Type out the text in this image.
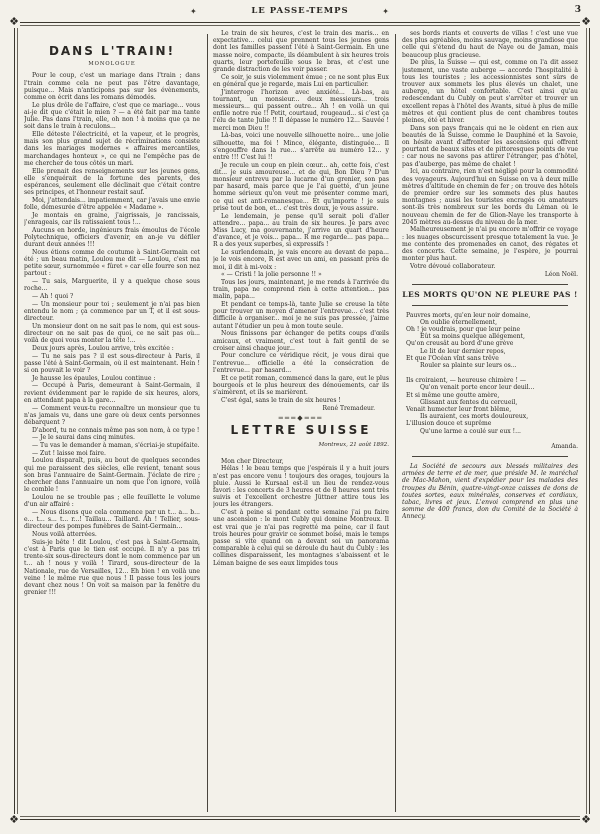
✦	LE PASSE-TEMPS	✦	3
❖	❖
❖	❖
DANS L'TRAIN!
MONOLOGUE

Pour le coup, c'est un mariage dans l'train ; dans l'train comme cela ne peut pas l'être davantage, puisque... Mais n'anticipons pas sur les évènements, comme on écrit dans les romans démodés.

Le plus drôle de l'affaire, c'est que ce mariage... vous ai-je dit que c'était le mien ? — a été fait par ma tante Julie. Pas dans l'train, elle, oh non ! à moins que ça ne soit dans le train à reculons...

Elle déteste l'électricité, et la vapeur, et le progrès, mais son plus grand sujet de récriminations consiste dans les mariages modernes « affaires mercantiles, marchandages honteux », ce qui ne l'empêche pas de me chercher de tous côtés un mari.

Elle prenait des renseignements sur les jeunes gens, elle s'enquérait de la fortune des parents, des espérances, seulement elle déclinait que c'était contre ses principes, et l'honneur restait sauf.

Moi, j'attendais... impatiemment, car j'avais une envie folle, démesurée d'être appelée « Madame ».

Je montais en graine, j'aigrissais, je rancissais, j'enrageais, car ils ratissaient tous !...

Aucuns en horde, ingénieurs frais émoulus de l'école Polytechnique, officiers d'avenir, en an-je vu défiler durant deux années !!!

Nous étions comme de coutume à Saint-Germain cet été ; un beau matin, Loulou me dit — Loulou, c'est ma petite sœur, surnommée « fûret » car elle fourre son nez partout :

— Tu sais, Marguerite, il y a quelque chose sous roche...

— Ah ! quoi ?

— Un monsieur pour toi ; seulement je n'ai pas bien entendu le nom ; ça commence par un T, et il est sous-directeur.

Un monsieur dont on ne sait pas le nom, qui est sous-directeur on ne sait pas de quoi, ce ne sait pas où... voilà de quoi vous monter la tête !...

Deux jours après, Loulou arrive, très excitée :

— Tu ne sais pas ? il est sous-directeur à Paris, il passe l'été à Saint-Germain, où il est maintenant. Hein ! si on pouvait le voir ?

Je hausse les épaules, Loulou continue :

— Occupé à Paris, demeurant à Saint-Germain, il revient évidemment par le rapide de six heures, alors, en attendant papa à la gare...

— Comment veux-tu reconnaître un monsieur que tu n'as jamais vu, dans une gare où deux cents personnes débarquent ?

D'abord, tu ne connais même pas son nom, à ce type !

— Je le saurai dans cinq minutes.

— Tu vas le demander à maman, s'écriai-je stupéfaite.

— Zut ! laisse moi faire.

Loulou disparaît, puis, au bout de quelques secondes qui me paraissent des siècles, elle revient, tenant sous son bras l'annuaire de Saint-Germain. J'éclate de rire ; chercher dans l'annuaire un nom que l'on ignore, voilà le comble !

Loulou ne se trouble pas ; elle feuillette le volume d'un air affairé :

— Nous disons que cela commence par un t... a... b... e... t... s... t... r...! Taillau... Taillard. Ah ! Tellier, sous-directeur des pompes funèbres de Saint-Germain...

Nous voilà atterrées.

Suis-je bête ! dit Loulou, c'est pas à Saint-Germain, c'est à Paris que le tien est occupé. Il n'y a pas tri trente-six sous-directeurs dont le nom commence par un t... ah ! nous y voilà ! Tirard, sous-directeur de la Nationale, rue de Versailles, 12... Eh bien ! en voilà une veine ! le même rue que nous ! Il passe tous les jours devant chez nous ! On voit sa maison par la fenêtre du grenier !!!

Le train de six heures, c'est le train des maris... en expectative... celui que prennent tous les jeunes gens dont les familles passent l'été à Saint-Germain. En une masse noire, compacte, ils déambulent à six heures trois quarts, leur portefeuille sous le bras, et c'est une grande distraction de les voir passer.

Ce soir, je suis violemment émue ; ce ne sont plus Eux en général que je regarde, mais Lui en particulier.

J'interroge l'horizon avec anxiété... Là-bas, au tournant, un monsieur... deux messieurs... trois messieurs... qui passent outre... Ah ! en voilà un qui enfile notre rue !! Petit, courtaud, rougeaud... si c'est ça l'élu de tante Julie !! Il dépasse le numéro 12... Sauvée ! merci mon Dieu !!

Là-bas, voici une nouvelle silhouette noire... une jolie silhouette, ma foi ! Mince, élégante, distinguée... Il s'engouffre dans la rue... s'arrête au numéro 12... y entre !!! C'est lui !!

Je recule un coup en plein cœur... ah, cette fois, c'est dit... je suis amoureuse... et de qui, Bon Dieu ? D'un monsieur entrevu par la lucarne d'un grenier, son pas par hasard, mais parce que je l'ai guetté, d'un jeune homme sérieux qu'on veut me présenter comme mari, ce qui est anti-romanesque... Et qu'importe ! je suis prise tout de bon, et... c'est très doux, je vous assure.

Le lendemain, je pense qu'il serait poli d'aller attendre... papa... au train de six heures. Je pars avec Miss Lucy, ma gouvernante, j'arrive un quart d'heure d'avance, et je vois... papa... R me regarde... pas papa... R a des yeux superbes, si expressifs !

Le surlendemain, je vais encore au devant de papa... je le vois encore, R est avec un ami, en passant près de moi, il dit à mi-voix :

« — Cristi ! la jolie personne !! »

Tous les jours, maintenant, je me rends à l'arrivée du train, papa ne comprend rien à cette attention... pas malin, papa...

Et pendant ce temps-là, tante Julie se creuse la tête pour trouver un moyen d'amener l'entrevue... c'est très difficile à organiser... moi je ne suis pas pressée, j'aime autant l'étudier un peu à mon toute seule.

Nous finissons par échanger de petits coups d'œils amicaux, et vraiment, c'est tout à fait gentil de se croiser ainsi chaque jour...

Pour conclure ce véridique récit, je vous dirai que l'entrevue... officielle a été la consécration de l'entrevue... par hasard...

Et ce petit roman, commencé dans la gare, eut le plus bourgeois et le plus heureux des dénouements, car ils s'aimèrent, et ils se marièrent.

C'est égal, sans le train de six heures !

René Tremadeur.
═══◆═══
LETTRE SUISSE
Montreux, 21 août 1892.

Mon cher Directeur,

Hélas ! le beau temps que j'espérais il y a huit jours n'est pas encore venu ! toujours des orages, toujours la pluie. Aussi le Kursaal est-il un lieu de rendez-vous favori : les concerts de 3 heures et de 8 heures sont très suivis et l'excellent orchestre Jüttner attire tous les jours les étrangers.

C'est à peine si pendant cette semaine j'ai pu faire une ascension : le mont Cubly qui domine Montreux. Il est vrai que je n'ai pas regretté ma peine, car il faut trois heures pour gravir ce sommet boisé, mais le temps passe si vite quand on a devant soi un panorama comparable à celui qui se déroule du haut du Cubly : les collines disparaissent, les montagnes s'abaissent et le Léman baigne de ses eaux limpides tous

ses bords riants et couverts de villas ! c'est une vue des plus agréables, moins sauvage, moins grandiose que celle qui s'étend du haut de Naye ou de Jaman, mais beaucoup plus gracieuse.

De plus, la Suisse — qui est, comme on l'a dit assez justement, une vaste auberge — accorde l'hospitalité à tous les touristes ; les accessionnistes sont sûrs de trouver aux sommets les plus élevés un chalet, une auberge, un hôtel confortable. C'est ainsi qu'au redescendant du Cubly on peut s'arrêter et trouver un excellent repas à l'hôtel des Avants, situé à plus de mille mètres et qui contient plus de cent chambres toutes pleines, été et hiver.

Dans son pays français qui ne le cèdent en rien aux beautés de la Suisse, comme le Dauphiné et la Savoie, on hésite avant d'affronter les ascensions qui offrent pourtant de beaux sites et de pittoresques points de vue : car nous ne savons pas attirer l'étranger, pas d'hôtel, pas d'auberge, pas même de chalet !

Ici, au contraire, rien n'est négligé pour la commodité des voyageurs. Aujourd'hui en Suisse on va à deux mille mètres d'altitude en chemin de fer ; on trouve des hôtels de premier ordre sur les sommets des plus hautes montagnes ; aussi les touristes encragés ou amateurs sont-ils très nombreux sur les bords du Léman où le nouveau chemin de fer de Glion-Naye les transporte à 2045 mètres au-dessus du niveau de la mer.

Malheureusement je n'ai pu encore m'offrir ce voyage : les nuages obscurcissent presque totalement la vue. Je me contente des promenades en canot, des régates et des concerts. Cette semaine, je l'espère, je pourrai monter plus haut.

Votre dévoué collaborateur.

Léon Noël.
LES MORTS QU'ON NE PLEURE PAS !
Pauvres morts, qu'en leur noir domaine,
On oublie éternellement,
Oh ! je voudrais, pour que leur peine
Eût sa moins quelque allégement,
Qu'on creusât au bord d'une grève
Le lit de leur dernier repos,
Et que l'Océan vînt sans trêve
Rouler sa plainte sur leurs os...
Ils croiraient, — heureuse chimère ! —
Qu'on venait porte encor leur deuil...
Et si même une goutte amère,
Glissant aux fentes du cercueil,
Venait humecter leur front blême,
Ils auraient, ces morts douloureux,
L'illusion douce et suprême
Qu'une larme a coulé sur eux !...
Amanda.

La Société de secours aux blessés militaires des armées de terre et de mer, que préside M. le maréchal de Mac-Mahon, vient d'expédier pour les malades des troupes du Bénin, quatre-vingt-onze caisses de dons de toutes sortes, eaux minérales, conserves et cordiaux, tabac, livres et jeux. L'envoi comprend en plus une somme de 400 francs, don du Comité de la Société à Annecy.
